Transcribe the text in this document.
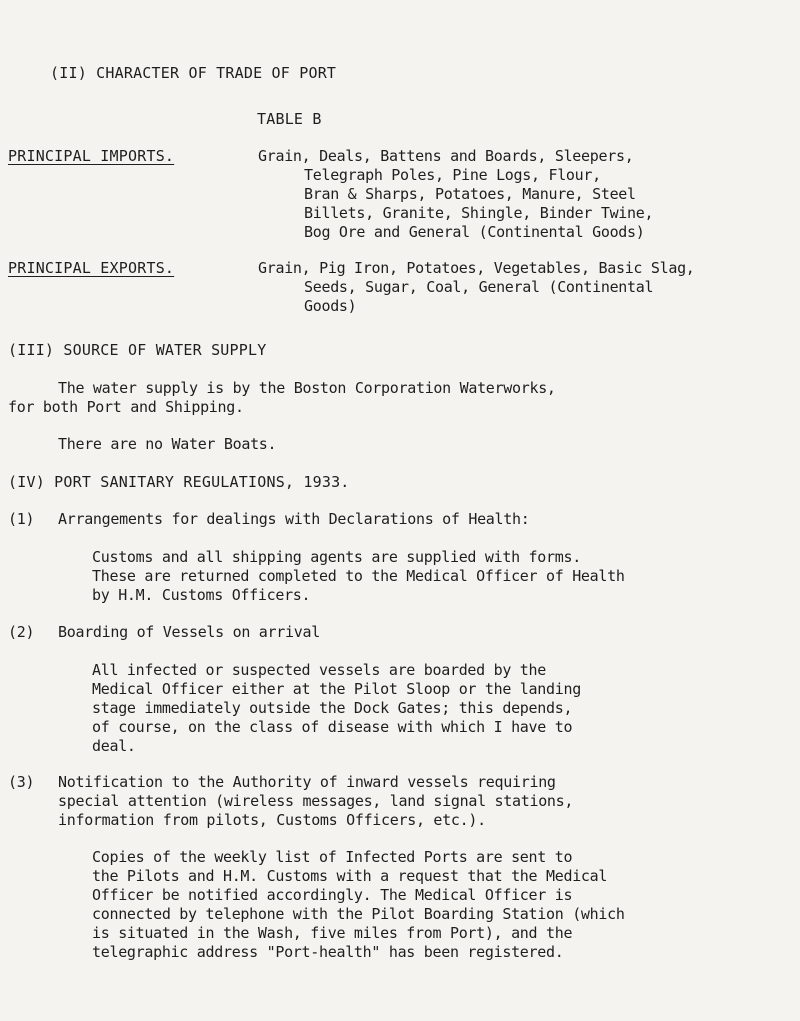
(II) CHARACTER OF TRADE OF PORT
TABLE B
PRINCIPAL IMPORTS.	Grain, Deals, Battens and Boards, Sleepers,
Telegraph Poles, Pine Logs, Flour,
Bran & Sharps, Potatoes, Manure, Steel
Billets, Granite, Shingle, Binder Twine,
Bog Ore and General (Continental Goods)
PRINCIPAL EXPORTS.	Grain, Pig Iron, Potatoes, Vegetables, Basic Slag,
Seeds, Sugar, Coal, General (Continental
Goods)
(III) SOURCE OF WATER SUPPLY
The water supply is by the Boston Corporation Waterworks,
for both Port and Shipping.
There are no Water Boats.
(IV) PORT SANITARY REGULATIONS, 1933.
(1) Arrangements for dealings with Declarations of Health:
Customs and all shipping agents are supplied with forms.
These are returned completed to the Medical Officer of Health
by H.M. Customs Officers.
(2) Boarding of Vessels on arrival
All infected or suspected vessels are boarded by the
Medical Officer either at the Pilot Sloop or the landing
stage immediately outside the Dock Gates; this depends,
of course, on the class of disease with which I have to
deal.
(3) Notification to the Authority of inward vessels requiring
special attention (wireless messages, land signal stations,
information from pilots, Customs Officers, etc.).
Copies of the weekly list of Infected Ports are sent to
the Pilots and H.M. Customs with a request that the Medical
Officer be notified accordingly. The Medical Officer is
connected by telephone with the Pilot Boarding Station (which
is situated in the Wash, five miles from Port), and the
telegraphic address "Port-health" has been registered.
